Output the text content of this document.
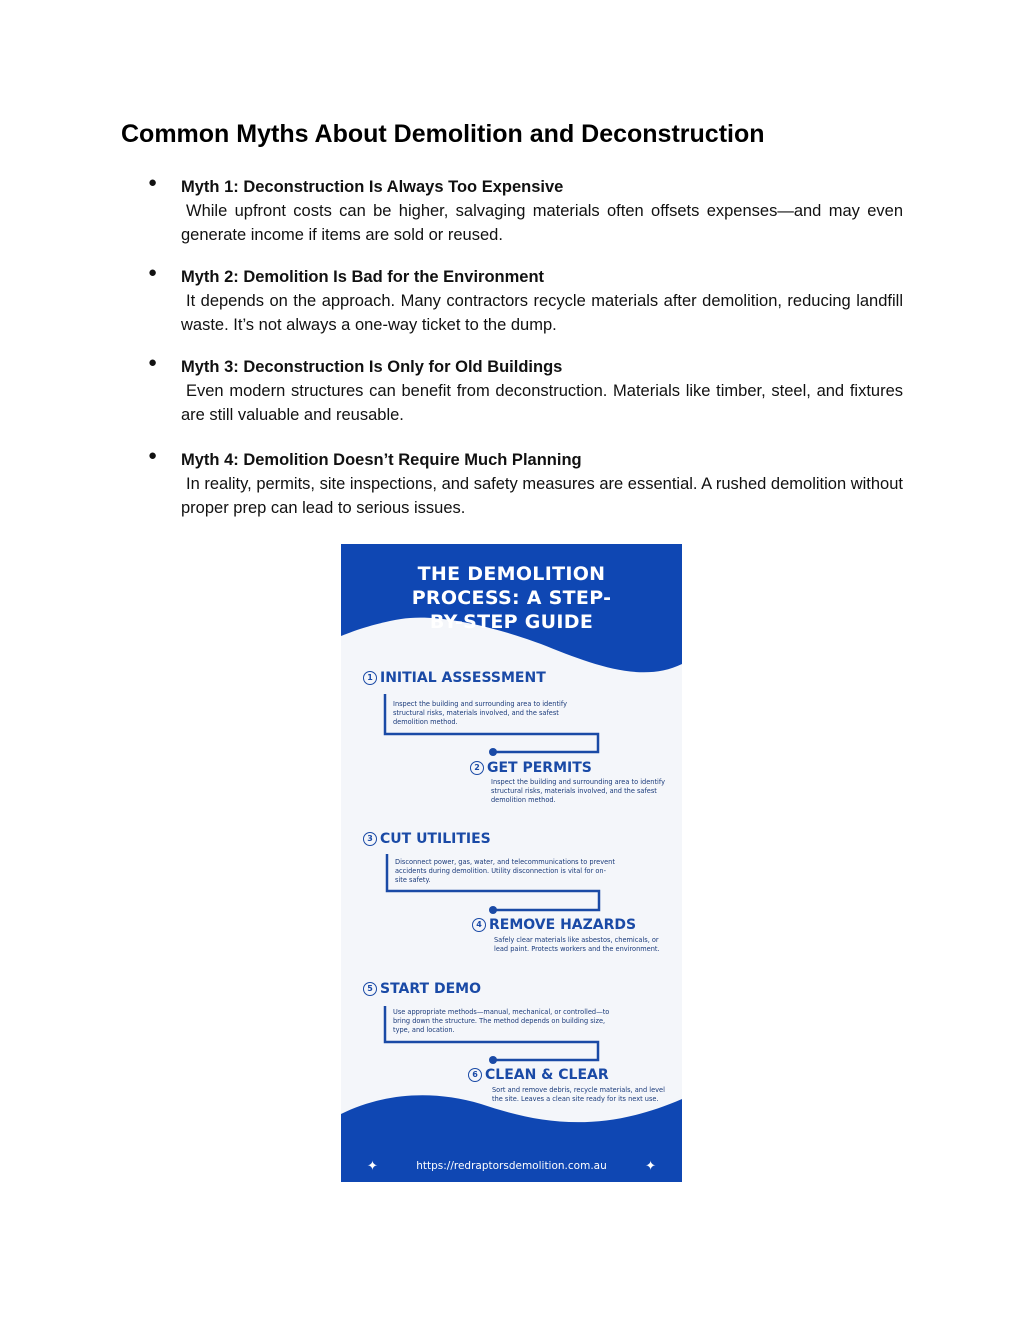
Common Myths About Demolition and Deconstruction
● Myth 1: Deconstruction Is Always Too Expensive
While upfront costs can be higher, salvaging materials often offsets expenses—and may even generate income if items are sold or reused.
● Myth 2: Demolition Is Bad for the Environment
It depends on the approach. Many contractors recycle materials after demolition, reducing landfill waste. It’s not always a one-way ticket to the dump.
● Myth 3: Deconstruction Is Only for Old Buildings
Even modern structures can benefit from deconstruction. Materials like timber, steel, and fixtures are still valuable and reusable.
● Myth 4: Demolition Doesn’t Require Much Planning
In reality, permits, site inspections, and safety measures are essential. A rushed demolition without proper prep can lead to serious issues.
THE DEMOLITION
PROCESS: A STEP-
BY-STEP GUIDE
1 INITIAL ASSESSMENT
Inspect the building and surrounding area to identify structural risks, materials involved, and the safest demolition method.
2 GET PERMITS
Inspect the building and surrounding area to identify structural risks, materials involved, and the safest demolition method.
3 CUT UTILITIES
Disconnect power, gas, water, and telecommunications to prevent accidents during demolition. Utility disconnection is vital for on-site safety.
4 REMOVE HAZARDS
Safely clear materials like asbestos, chemicals, or lead paint. Protects workers and the environment.
5 START DEMO
Use appropriate methods—manual, mechanical, or controlled—to bring down the structure. The method depends on building size, type, and location.
6 CLEAN & CLEAR
Sort and remove debris, recycle materials, and level the site. Leaves a clean site ready for its next use.
✦	https://redraptorsdemolition.com.au	✦
